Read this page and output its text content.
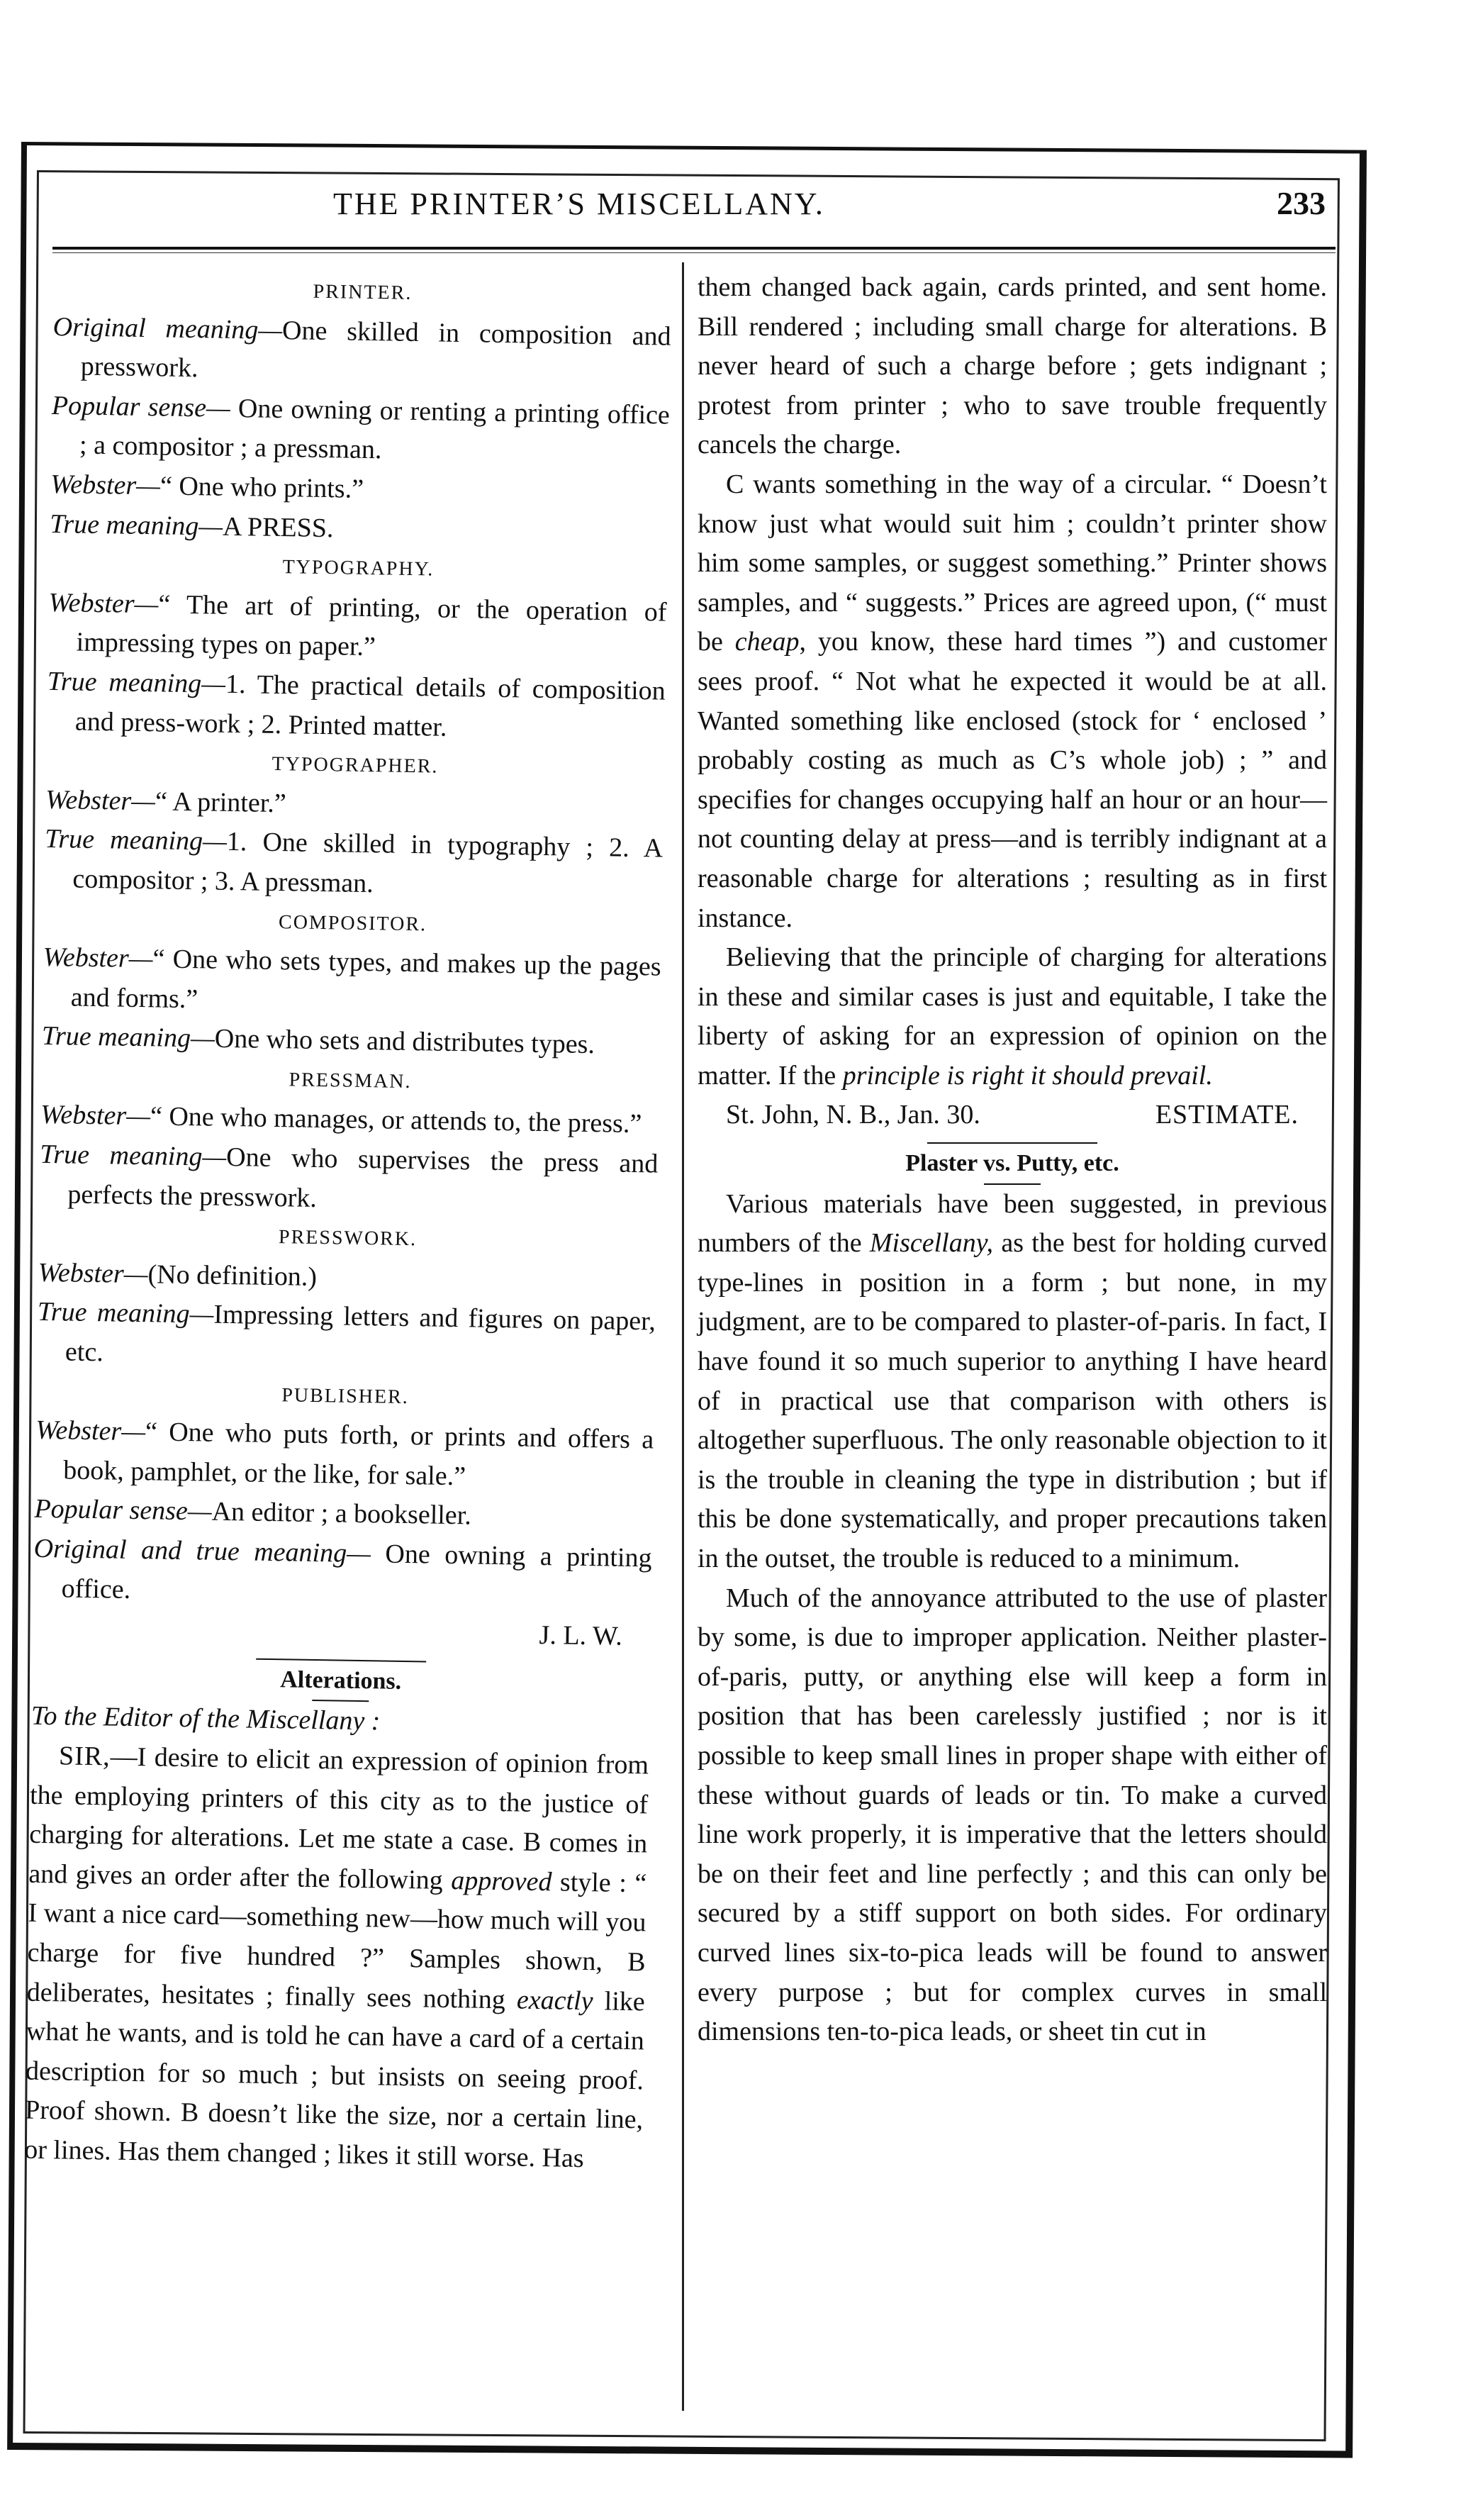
THE PRINTER’S MISCELLANY.	233

PRINTER.

Original meaning—One skilled in composition and presswork.

Popular sense— One owning or renting a printing office ; a compositor ; a pressman.

Webster—“ One who prints.”

True meaning—A PRESS.

TYPOGRAPHY.

Webster—“ The art of printing, or the operation of impressing types on paper.”

True meaning—1. The practical details of composition and press-work ; 2. Printed matter.

TYPOGRAPHER.

Webster—“ A printer.”

True meaning—1. One skilled in typography ; 2. A compositor ; 3. A pressman.

COMPOSITOR.

Webster—“ One who sets types, and makes up the pages and forms.”

True meaning—One who sets and distributes types.

PRESSMAN.

Webster—“ One who manages, or attends to, the press.”

True meaning—One who supervises the press and perfects the presswork.

PRESSWORK.

Webster—(No definition.)

True meaning—Impressing letters and figures on paper, etc.

PUBLISHER.

Webster—“ One who puts forth, or prints and offers a book, pamphlet, or the like, for sale.”

Popular sense—An editor ; a bookseller.

Original and true meaning— One owning a printing office.

J. L. W.

Alterations.

To the Editor of the Miscellany :

SIR,—I desire to elicit an expression of opinion from the employing printers of this city as to the justice of charging for alterations. Let me state a case. B comes in and gives an order after the following approved style : “ I want a nice card—something new—how much will you charge for five hundred ?” Samples shown, B deliberates, hesitates ; finally sees nothing exactly like what he wants, and is told he can have a card of a certain description for so much ; but insists on seeing proof. Proof shown. B doesn’t like the size, nor a certain line, or lines. Has them changed ; likes it still worse. Has

them changed back again, cards printed, and sent home. Bill rendered ; including small charge for alterations. B never heard of such a charge before ; gets indignant ; protest from printer ; who to save trouble frequently cancels the charge.

C wants something in the way of a circular. “ Doesn’t know just what would suit him ; couldn’t printer show him some samples, or suggest something.” Printer shows samples, and “ suggests.” Prices are agreed upon, (“ must be cheap, you know, these hard times ”) and customer sees proof. “ Not what he expected it would be at all. Wanted something like enclosed (stock for ‘ enclosed ’ probably costing as much as C’s whole job) ; ” and specifies for changes occupying half an hour or an hour—not counting delay at press—and is terribly indignant at a reasonable charge for alterations ; resulting as in first instance.

Believing that the principle of charging for alterations in these and similar cases is just and equitable, I take the liberty of asking for an expression of opinion on the matter. If the principle is right it should prevail.

St. John, N. B., Jan. 30.	ESTIMATE.

Plaster vs. Putty, etc.

Various materials have been suggested, in previous numbers of the Miscellany, as the best for holding curved type-lines in position in a form ; but none, in my judgment, are to be compared to plaster-of-paris. In fact, I have found it so much superior to anything I have heard of in practical use that comparison with others is altogether superfluous. The only reasonable objection to it is the trouble in cleaning the type in distribution ; but if this be done systematically, and proper precautions taken in the outset, the trouble is reduced to a minimum.

Much of the annoyance attributed to the use of plaster by some, is due to improper application. Neither plaster-of-paris, putty, or anything else will keep a form in position that has been carelessly justified ; nor is it possible to keep small lines in proper shape with either of these without guards of leads or tin. To make a curved line work properly, it is imperative that the letters should be on their feet and line perfectly ; and this can only be secured by a stiff support on both sides. For ordinary curved lines six-to-pica leads will be found to answer every purpose ; but for complex curves in small dimensions ten-to-pica leads, or sheet tin cut in
